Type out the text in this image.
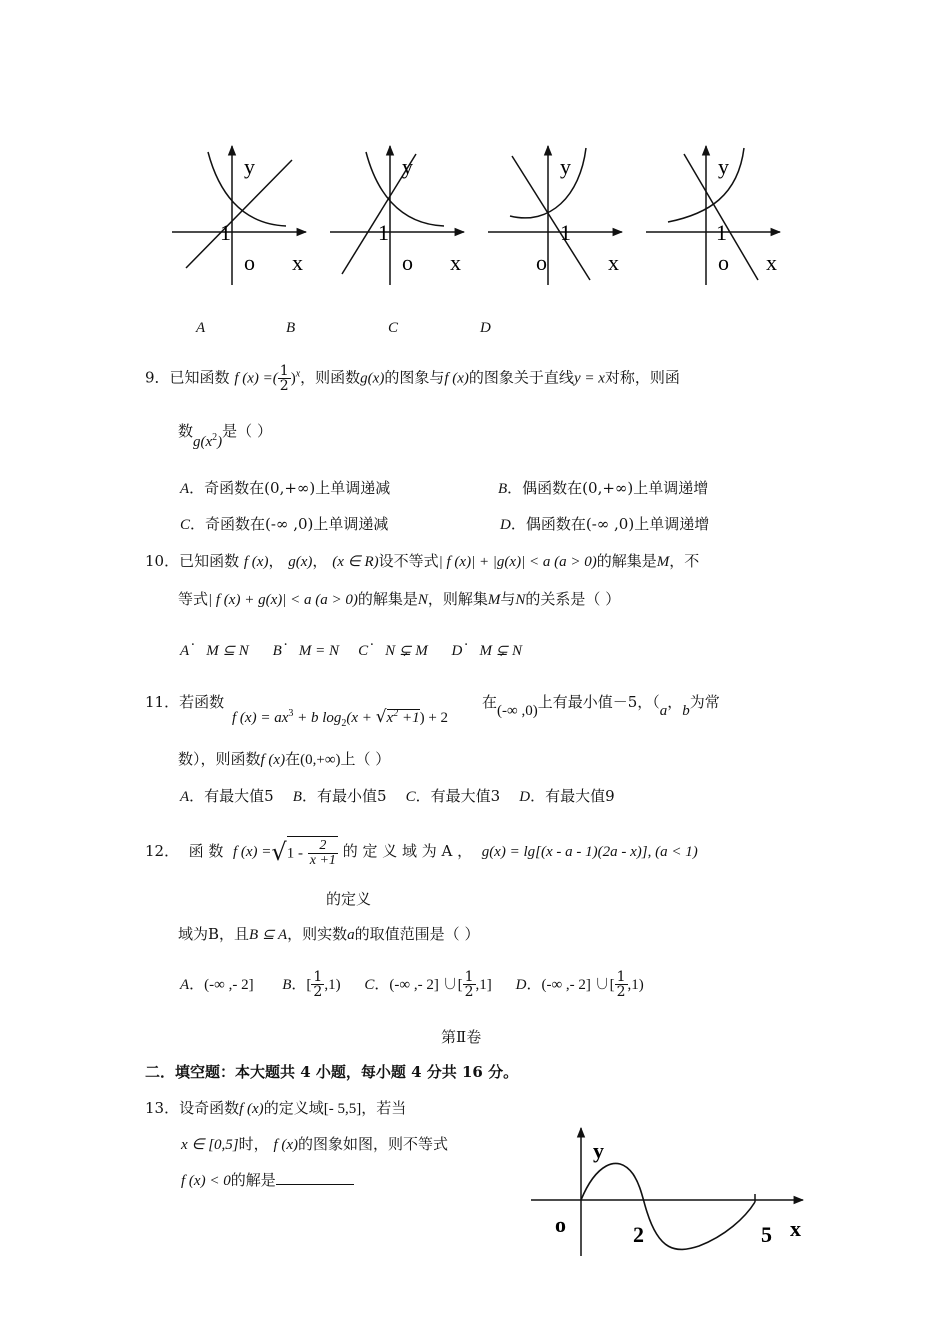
y
1
o x
y
1
o x
y
1
o	x
y
1
o x
A	B	C	D
9．已知函数 f (x) =( $\frac{1}{2} )^x$，则函数g(x)的图象与f (x)的图象关于直线y = x对称，则函
数$g(x^2)$是（ ）
A．奇函数在(0,+∞)上单调递减	B．偶函数在(0,+∞)上单调递增
C．奇函数在(-∞ ,0)上单调递减	D．偶函数在(-∞ ,0)上单调递增
10．已知函数 f (x)， g(x)， (x ∈ R)设不等式| f (x)| + |g(x)| < a (a > 0)的解集是M，不
等式| f (x) + g(x)| < a (a > 0)的解集是N，则解集M与N的关系是（ ）
A˙ M ⊆ N B˙ M = N C˙ N ⊊ M D˙ M ⊊ N
11．若函数
f $(x) = ax^3 + b$ $\log_2(x + √x^2 +1) + 2$
在(-∞ ,0)上有最小值－5，（a，b为常
数），则函数f (x)在(0,+∞)上（ ）
A．有最大值5 B．有最小值5 C．有最大值3 D．有最大值9
12． 函 数 f $(x) =√1 - \frac{2}{x +1}$ 的 定 义 域 为 A ， g(x) = lg[(x - a - 1)(2a - x)], (a < 1)
的定义
域为B，且B ⊆ A，则实数a的取值范围是（ ）
A．(-∞ ,- 2] B．[ $\frac{1}{2} ,1$) C．(-∞ ,- 2] ∪[ $\frac{1}{2} ,1$] D．(-∞ ,- 2] ∪[ $\frac{1}{2} ,1$)
第Ⅱ卷
二．填空题：本大题共 4 小题，每小题 4 分共 16 分。
13．设奇函数f (x)的定义域[- 5,5]，若当
x ∈ [0,5]时， f (x)的图象如图，则不等式
f (x) < 0的解是
y
o	2	5 x
